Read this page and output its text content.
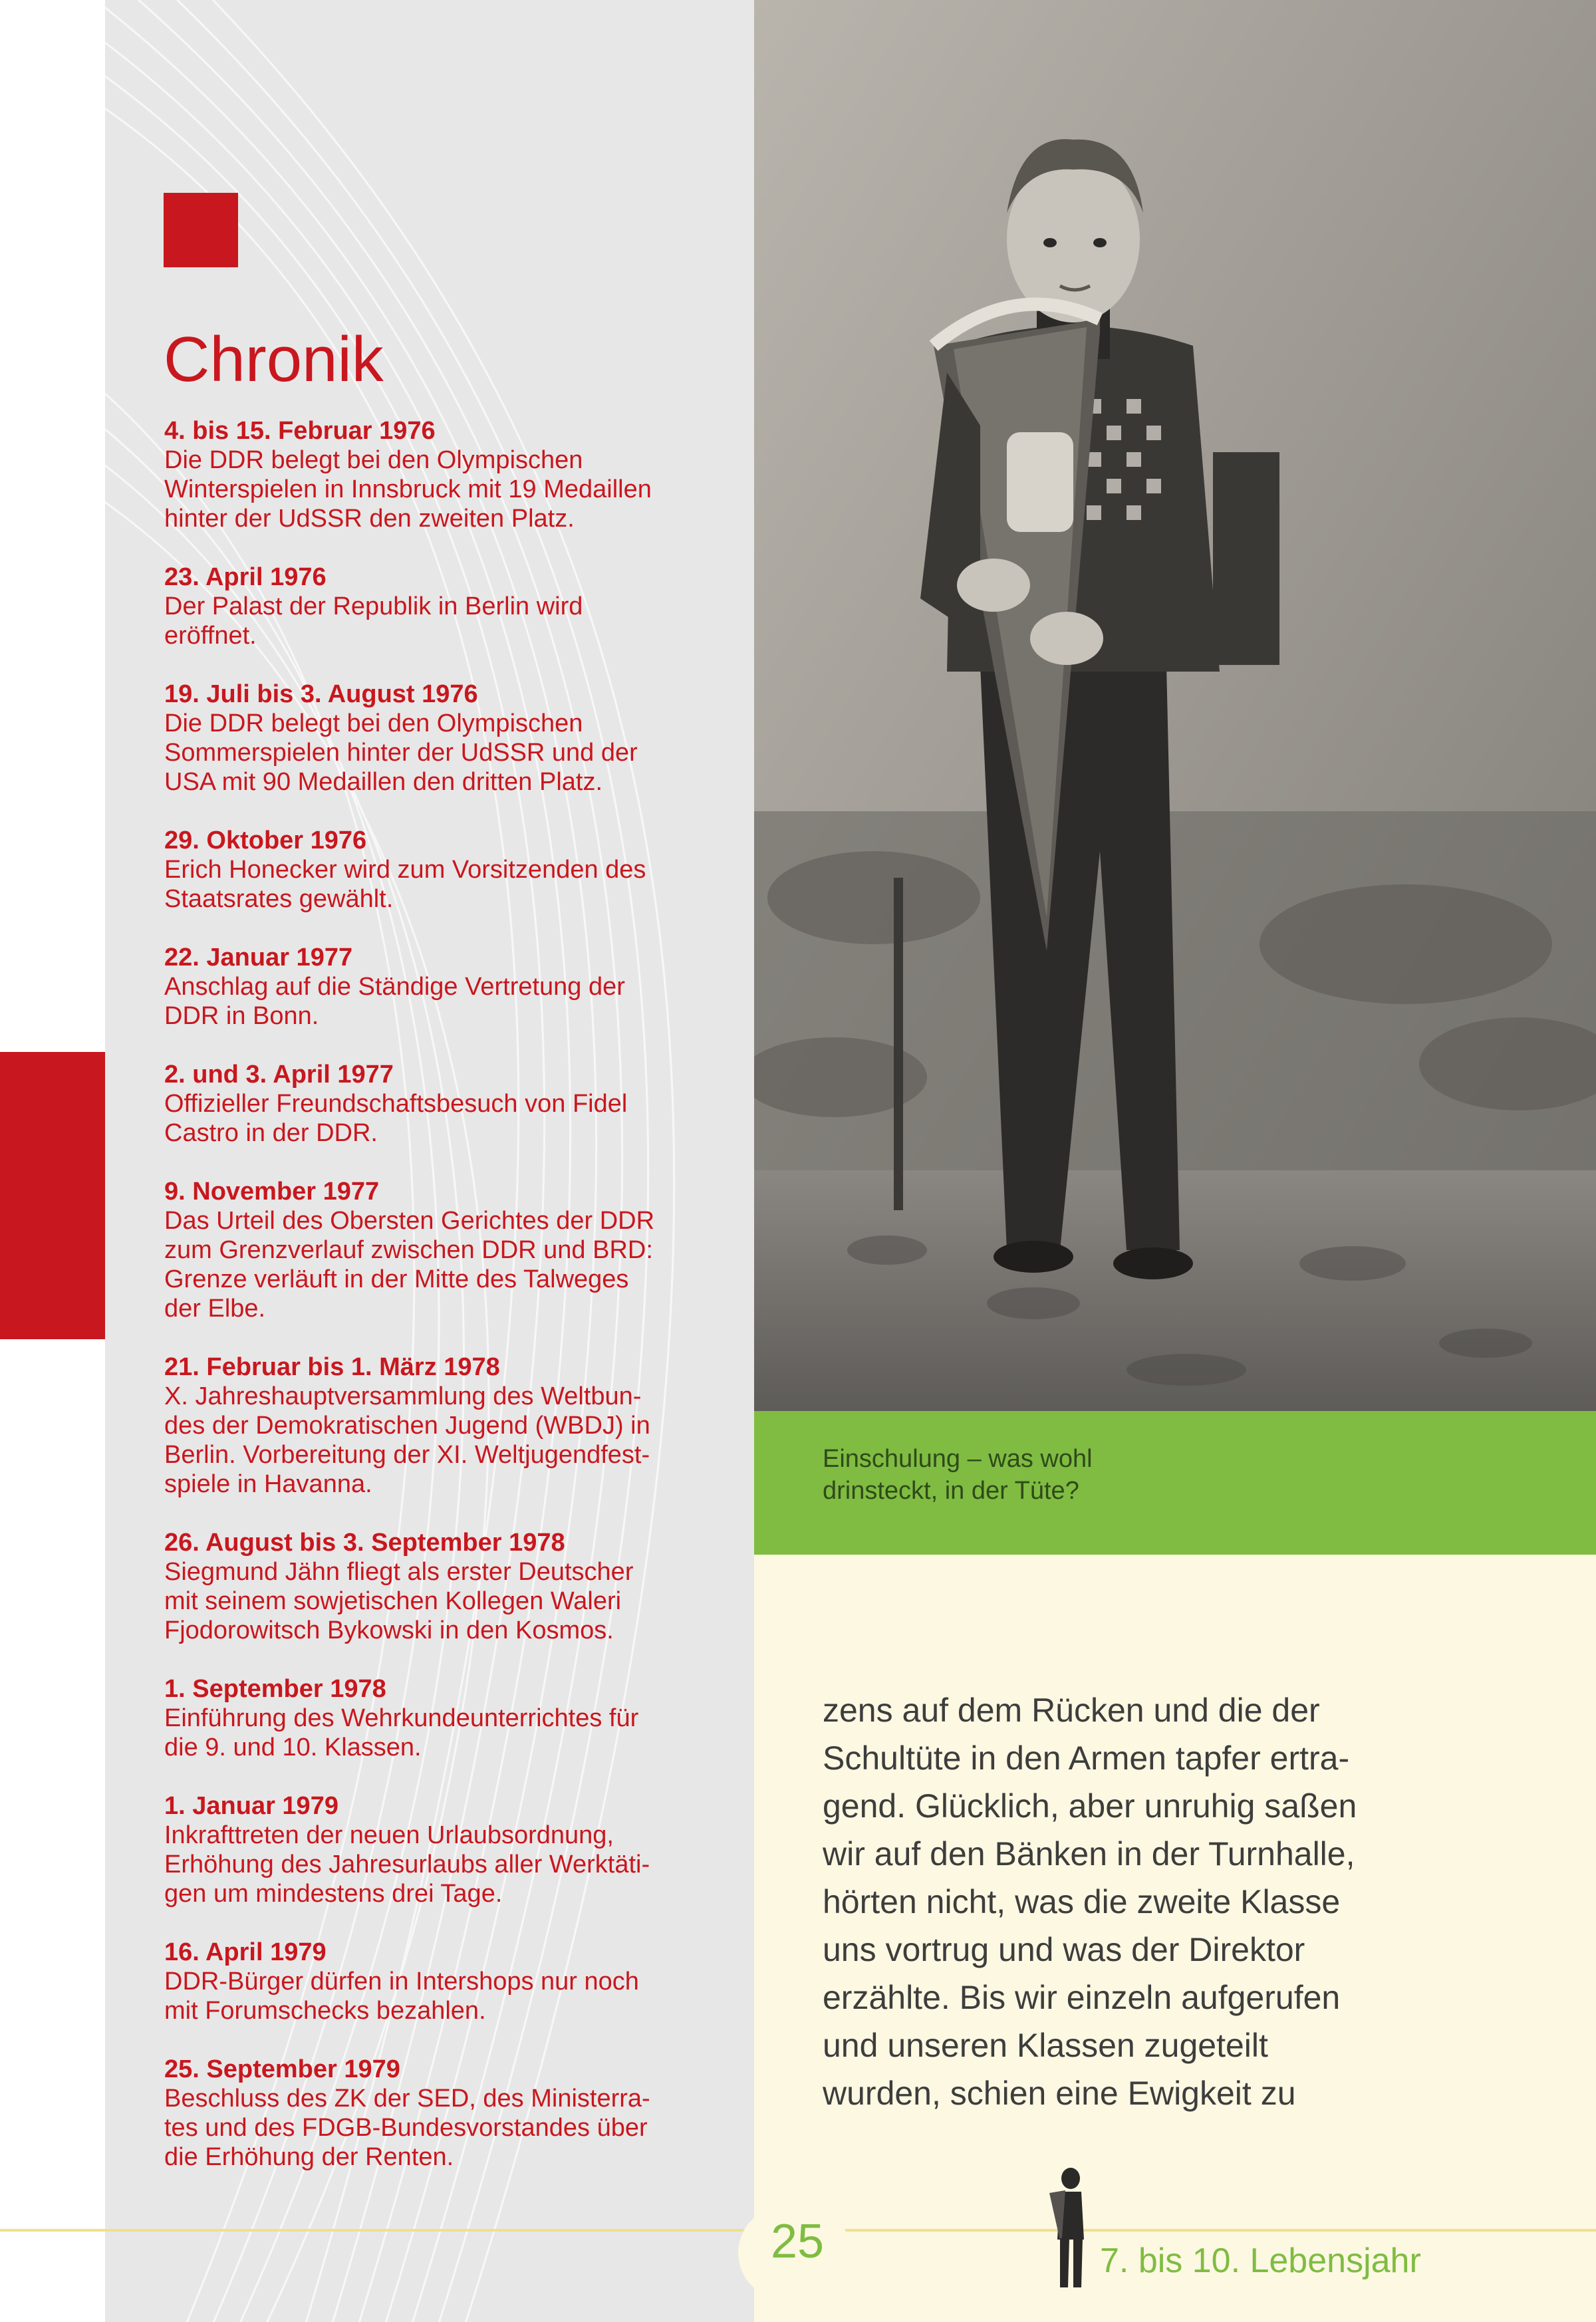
Chronik
4. bis 15. Februar 1976
Die DDR belegt bei den Olympischen
Winterspielen in Innsbruck mit 19 Medaillen
hinter der UdSSR den zweiten Platz.
23. April 1976
Der Palast der Republik in Berlin wird
eröffnet.
19. Juli bis 3. August 1976
Die DDR belegt bei den Olympischen
Sommerspielen hinter der UdSSR und der
USA mit 90 Medaillen den dritten Platz.
29. Oktober 1976
Erich Honecker wird zum Vorsitzenden des
Staatsrates gewählt.
22. Januar 1977
Anschlag auf die Ständige Vertretung der
DDR in Bonn.
2. und 3. April 1977
Offizieller Freundschaftsbesuch von Fidel
Castro in der DDR.
9. November 1977
Das Urteil des Obersten Gerichtes der DDR
zum Grenzverlauf zwischen DDR und BRD:
Grenze verläuft in der Mitte des Talweges
der Elbe.
21. Februar bis 1. März 1978
X. Jahreshauptversammlung des Weltbun-
des der Demokratischen Jugend (WBDJ) in
Berlin. Vorbereitung der XI. Weltjugendfest-
spiele in Havanna.
26. August bis 3. September 1978
Siegmund Jähn fliegt als erster Deutscher
mit seinem sowjetischen Kollegen Waleri
Fjodorowitsch Bykowski in den Kosmos.
1. September 1978
Einführung des Wehrkundeunterrichtes für
die 9. und 10. Klassen.
1. Januar 1979
Inkrafttreten der neuen Urlaubsordnung,
Erhöhung des Jahresurlaubs aller Werktäti-
gen um mindestens drei Tage.
16. April 1979
DDR-Bürger dürfen in Intershops nur noch
mit Forumschecks bezahlen.
25. September 1979
Beschluss des ZK der SED, des Ministerra-
tes und des FDGB-Bundesvorstandes über
die Erhöhung der Renten.
Einschulung – was wohl
drinsteckt, in der Tüte?
zens auf dem Rücken und die der
Schultüte in den Armen tapfer ertra-
gend. Glücklich, aber unruhig saßen
wir auf den Bänken in der Turnhalle,
hörten nicht, was die zweite Klasse
uns vortrug und was der Direktor
erzählte. Bis wir einzeln aufgerufen
und unseren Klassen zugeteilt
wurden, schien eine Ewigkeit zu
25	7. bis 10. Lebensjahr
